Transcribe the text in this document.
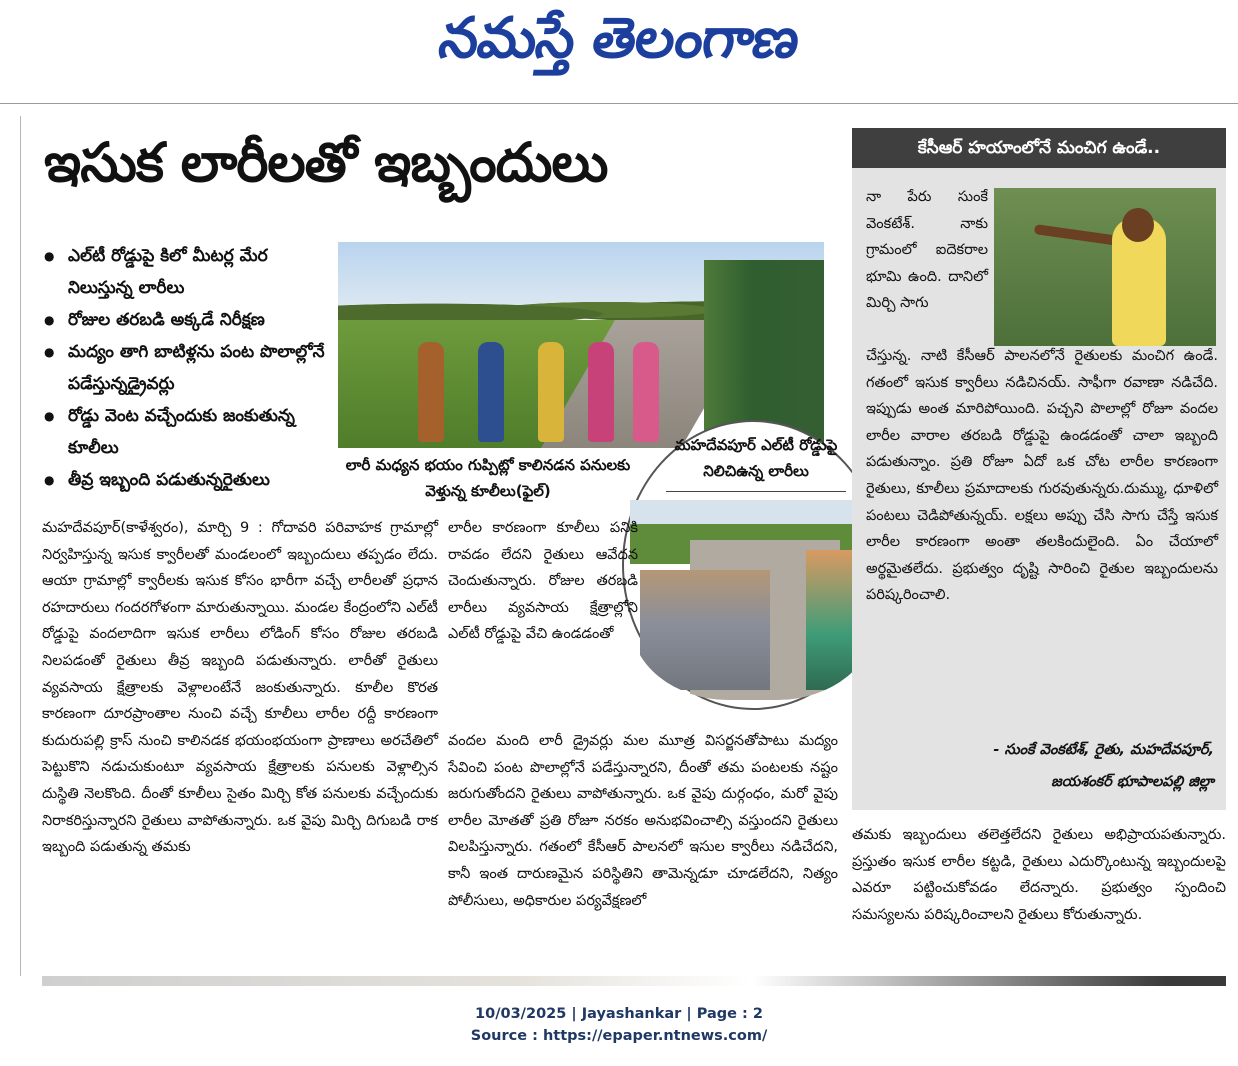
నమస్తే తెలంగాణ
ఇసుక లారీలతో ఇబ్బందులు
● ఎల్‌టీ రోడ్డుపై కిలో మీటర్ల మేర నిలుస్తున్న లారీలు
● రోజుల తరబడి అక్కడే నిరీక్షణ
● మద్యం తాగి బాటిళ్లను పంట పొలాల్లోనే పడేస్తున్నడ్రైవర్లు
● రోడ్డు వెంట వచ్చేందుకు జంకుతున్న కూలీలు
● తీవ్ర ఇబ్బంది పడుతున్నరైతులు
లారీ మధ్యన భయం గుప్పిట్లో కాలినడన పనులకు వెళ్తున్న కూలీలు(ఫైల్)
మహదేవపూర్ ఎల్‌టీ రోడ్డుపై నిలిచిఉన్న లారీలు
మహదేవపూర్(కాళేశ్వరం), మార్చి 9 : గోదావరి పరివాహక గ్రామాల్లో నిర్వహిస్తున్న ఇసుక క్వారీలతో మండలంలో ఇబ్బందులు తప్పడం లేదు. ఆయా గ్రామాల్లో క్వారీలకు ఇసుక కోసం భారీగా వచ్చే లారీలతో ప్రధాన రహదారులు గందరగోళంగా మారుతున్నాయి. మండల కేంద్రంలోని ఎల్‌టీ రోడ్డుపై వందలాదిగా ఇసుక లారీలు లోడింగ్ కోసం రోజుల తరబడి నిలపడంతో రైతులు తీవ్ర ఇబ్బంది పడుతున్నారు. లారీతో రైతులు వ్యవసాయ క్షేత్రాలకు వెళ్లాలంటేనే జంకుతున్నారు. కూలీల కొరత కారణంగా దూరప్రాంతాల నుంచి వచ్చే కూలీలు లారీల రద్దీ కారణంగా కుదురుపల్లి క్రాస్ నుంచి కాలినడక భయంభయంగా ప్రాణాలు అరచేతిలో పెట్టుకొని నడుచుకుంటూ వ్యవసాయ క్షేత్రాలకు పనులకు వెళ్లాల్సిన దుస్థితి నెలకొంది. దీంతో కూలీలు సైతం మిర్చి కోత పనులకు వచ్చేందుకు నిరాకరిస్తున్నారని రైతులు వాపోతున్నారు. ఒక వైపు మిర్చి దిగుబడి రాక ఇబ్బంది పడుతున్న తమకు
లారీల కారణంగా కూలీలు పనికి రావడం లేదని రైతులు ఆవేదన చెందుతున్నారు. రోజుల తరబడి లారీలు వ్యవసాయ క్షేత్రాల్లోని ఎల్‌టీ రోడ్డుపై వేచి ఉండడంతో
వందల మంది లారీ డ్రైవర్లు మల మూత్ర విసర్జనతోపాటు మద్యం సేవించి పంట పొలాల్లోనే పడేస్తున్నారని, దీంతో తమ పంటలకు నష్టం జరుగుతోందని రైతులు వాపోతున్నారు. ఒక వైపు దుర్గంధం, మరో వైపు లారీల మోతతో ప్రతి రోజూ నరకం అనుభవించాల్సి వస్తుందని రైతులు విలపిస్తున్నారు. గతంలో కేసీఆర్ పాలనలో ఇసుల క్వారీలు నడిచేదని, కానీ ఇంత దారుణమైన పరిస్థితిని తామెన్నడూ చూడలేదని, నిత్యం పోలీసులు, అధికారుల పర్యవేక్షణలో
తమకు ఇబ్బందులు తలెత్తలేదని రైతులు అభిప్రాయపతున్నారు. ప్రస్తుతం ఇసుక లారీల కట్టడి, రైతులు ఎదుర్కొంటున్న ఇబ్బందులపై ఎవరూ పట్టించుకోవడం లేదన్నారు. ప్రభుత్వం స్పందించి సమస్యలను పరిష్కరించాలని రైతులు కోరుతున్నారు.
కేసీఆర్ హయాంలోనే మంచిగ ఉండే..
నా పేరు సుంకే వెంకటేశ్. నాకు గ్రామంలో ఐదెకరాల భూమి ఉంది. దానిలో మిర్చి సాగు
చేస్తున్న. నాటి కేసీఆర్ పాలనలోనే రైతులకు మంచిగ ఉండే. గతంలో ఇసుక క్వారీలు నడిచినయ్. సాఫీగా రవాణా నడిచేది. ఇప్పుడు అంత మారిపోయింది. పచ్చని పొలాల్లో రోజూ వందల లారీల వారాల తరబడి రోడ్డుపై ఉండడంతో చాలా ఇబ్బంది పడుతున్నాం. ప్రతి రోజూ ఏదో ఒక చోట లారీల కారణంగా రైతులు, కూలీలు ప్రమాదాలకు గురవుతున్నరు.దుమ్ము, ధూళిలో పంటలు చెడిపోతున్నయ్. లక్షలు అప్పు చేసి సాగు చేస్తే ఇసుక లారీల కారణంగా అంతా తలకిందులైంది. ఏం చేయాలో అర్థమైతలేదు. ప్రభుత్వం దృష్టి సారించి రైతుల ఇబ్బందులను పరిష్కరించాలి.
- సుంకే వెంకటేశ్, రైతు, మహదేవపూర్,
జయశంకర్ భూపాలపల్లి జిల్లా
10/03/2025 | Jayashankar | Page : 2
Source : https://epaper.ntnews.com/
